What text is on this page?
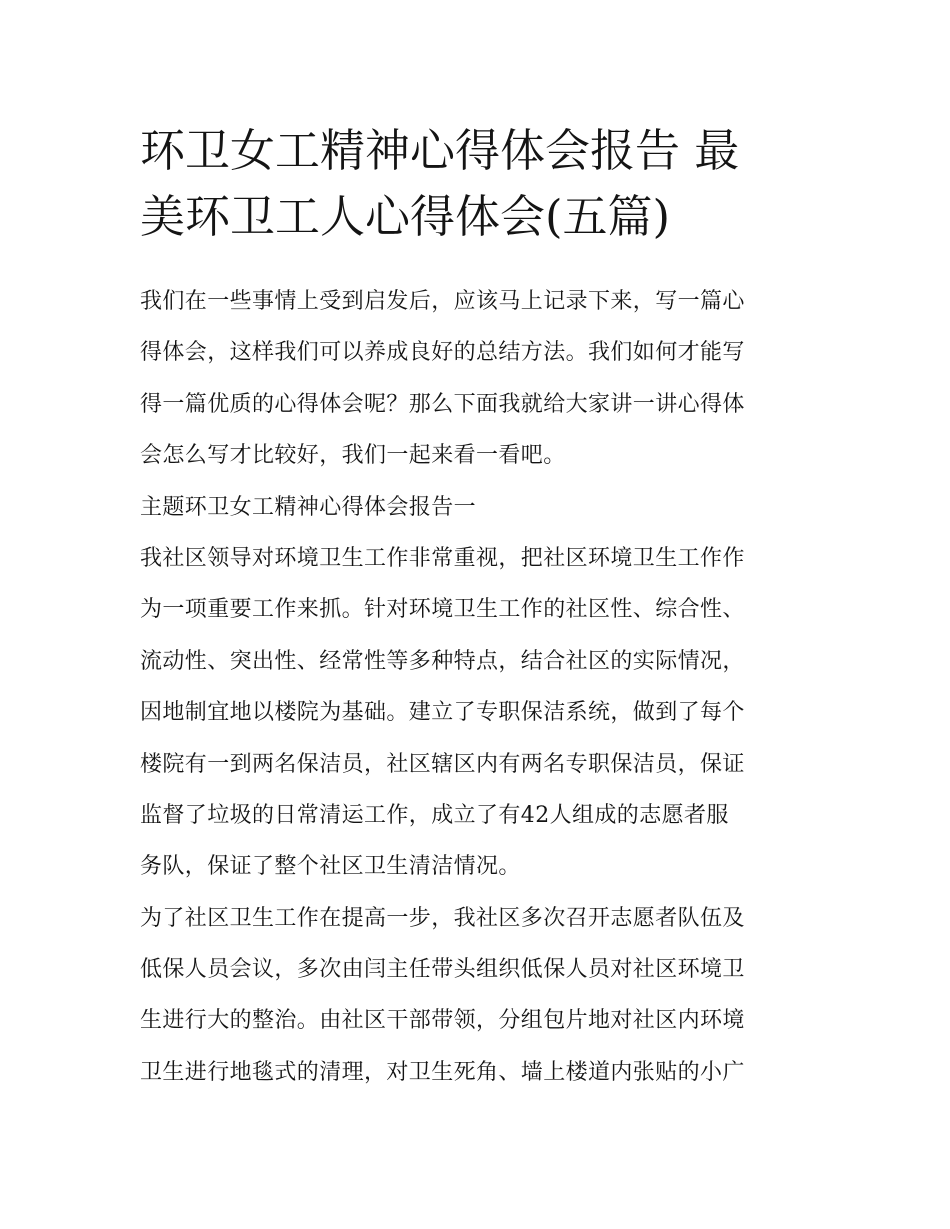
环卫女工精神心得体会报告 最
美环卫工人心得体会(五篇)
我们在一些事情上受到启发后，应该马上记录下来，写一篇心
得体会，这样我们可以养成良好的总结方法。我们如何才能写
得一篇优质的心得体会呢？那么下面我就给大家讲一讲心得体
会怎么写才比较好，我们一起来看一看吧。
主题环卫女工精神心得体会报告一
我社区领导对环境卫生工作非常重视，把社区环境卫生工作作
为一项重要工作来抓。针对环境卫生工作的社区性、综合性、
流动性、突出性、经常性等多种特点，结合社区的实际情况，
因地制宜地以楼院为基础。建立了专职保洁系统，做到了每个
楼院有一到两名保洁员，社区辖区内有两名专职保洁员，保证
监督了垃圾的日常清运工作，成立了有42人组成的志愿者服
务队，保证了整个社区卫生清洁情况。
为了社区卫生工作在提高一步，我社区多次召开志愿者队伍及
低保人员会议，多次由闫主任带头组织低保人员对社区环境卫
生进行大的整治。由社区干部带领，分组包片地对社区内环境
卫生进行地毯式的清理，对卫生死角、墙上楼道内张贴的小广
